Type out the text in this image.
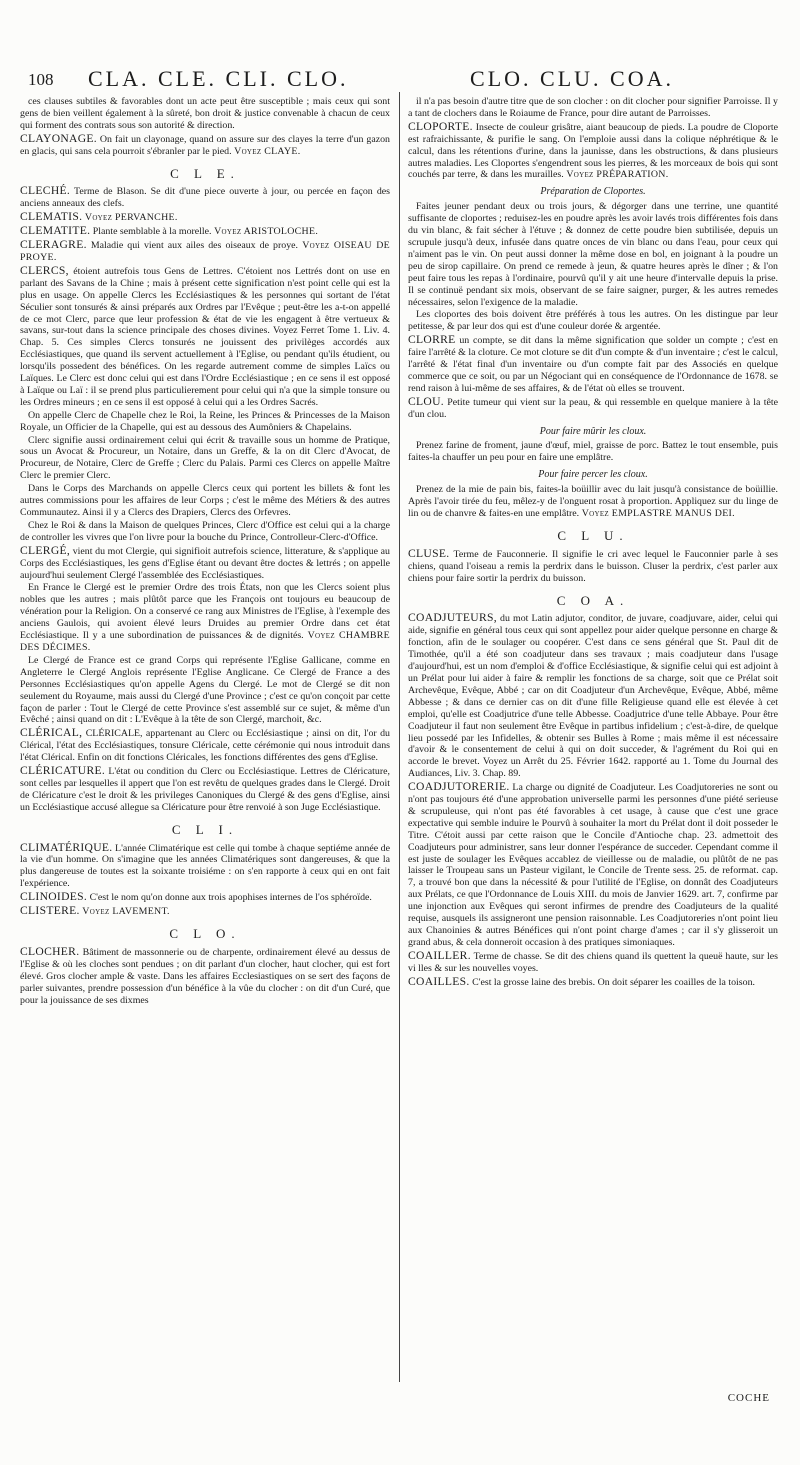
108 CLA. CLE. CLI. CLO.	CLO. CLU. COA.

ces clauses subtiles & favorables dont un acte peut être susceptible ; mais ceux qui sont gens de bien veillent également à la sûreté, bon droit & justice convenable à chacun de ceux qui forment des contrats sous son autorité & direction.

CLAYONAGE. On fait un clayonage, quand on assure sur des clayes la terre d'un gazon en glacis, qui sans cela pourroit s'ébranler par le pied. Voyez CLAYE.

C L E.

CLECHÉ. Terme de Blason. Se dit d'une piece ouverte à jour, ou percée en façon des anciens anneaux des clefs.

CLEMATIS. Voyez PERVANCHE.

CLEMATITE. Plante semblable à la morelle. Voyez ARISTOLOCHE.

CLERAGRE. Maladie qui vient aux ailes des oiseaux de proye. Voyez OISEAU DE PROYE.

CLERCS, étoient autrefois tous Gens de Lettres. C'étoient nos Lettrés dont on use en parlant des Savans de la Chine ; mais à présent cette signification n'est point celle qui est la plus en usage. On appelle Clercs les Ecclésiastiques & les personnes qui sortant de l'état Séculier sont tonsurés & ainsi préparés aux Ordres par l'Evêque ; peut-être les a-t-on appellé de ce mot Clerc, parce que leur profession & état de vie les engagent à être vertueux & savans, sur-tout dans la science principale des choses divines. Voyez Ferret Tome 1. Liv. 4. Chap. 5. Ces simples Clercs tonsurés ne jouissent des privilèges accordés aux Ecclésiastiques, que quand ils servent actuellement à l'Eglise, ou pendant qu'ils étudient, ou lorsqu'ils possedent des bénéfices. On les regarde autrement comme de simples Laïcs ou Laïques. Le Clerc est donc celui qui est dans l'Ordre Ecclésiastique ; en ce sens il est opposé à Laïque ou Laï : il se prend plus particulierement pour celui qui n'a que la simple tonsure ou les Ordres mineurs ; en ce sens il est opposé à celui qui a les Ordres Sacrés.

On appelle Clerc de Chapelle chez le Roi, la Reine, les Princes & Princesses de la Maison Royale, un Officier de la Chapelle, qui est au dessous des Aumôniers & Chapelains.

Clerc signifie aussi ordinairement celui qui écrit & travaille sous un homme de Pratique, sous un Avocat & Procureur, un Notaire, dans un Greffe, & la on dit Clerc d'Avocat, de Procureur, de Notaire, Clerc de Greffe ; Clerc du Palais. Parmi ces Clercs on appelle Maître Clerc le premier Clerc.

Dans le Corps des Marchands on appelle Clercs ceux qui portent les billets & font les autres commissions pour les affaires de leur Corps ; c'est le même des Métiers & des autres Communautez. Ainsi il y a Clercs des Drapiers, Clercs des Orfevres.

Chez le Roi & dans la Maison de quelques Princes, Clerc d'Office est celui qui a la charge de controller les vivres que l'on livre pour la bouche du Prince, Controlleur-Clerc-d'Office.

CLERGÉ, vient du mot Clergie, qui signifioit autrefois science, litterature, & s'applique au Corps des Ecclésiastiques, les gens d'Eglise étant ou devant être doctes & lettrés ; on appelle aujourd'hui seulement Clergé l'assemblée des Ecclésiastiques.

En France le Clergé est le premier Ordre des trois États, non que les Clercs soient plus nobles que les autres ; mais plûtôt parce que les François ont toujours eu beaucoup de vénération pour la Religion. On a conservé ce rang aux Ministres de l'Eglise, à l'exemple des anciens Gaulois, qui avoient élevé leurs Druides au premier Ordre dans cet état Ecclésiastique. Il y a une subordination de puissances & de dignités. Voyez CHAMBRE DES DÉCIMES.

Le Clergé de France est ce grand Corps qui représente l'Eglise Gallicane, comme en Angleterre le Clergé Anglois représente l'Eglise Anglicane. Ce Clergé de France a des Personnes Ecclésiastiques qu'on appelle Agens du Clergé. Le mot de Clergé se dit non seulement du Royaume, mais aussi du Clergé d'une Province ; c'est ce qu'on conçoit par cette façon de parler : Tout le Clergé de cette Province s'est assemblé sur ce sujet, & même d'un Evêché ; ainsi quand on dit : L'Evêque à la tête de son Clergé, marchoit, &c.

CLÉRICAL, CLÉRICALE, appartenant au Clerc ou Ecclésiastique ; ainsi on dit, l'or du Clérical, l'état des Ecclésiastiques, tonsure Cléricale, cette cérémonie qui nous introduit dans l'état Clérical. Enfin on dit fonctions Cléricales, les fonctions différentes des gens d'Eglise.

CLÉRICATURE. L'état ou condition du Clerc ou Ecclésiastique. Lettres de Cléricature, sont celles par lesquelles il appert que l'on est revêtu de quelques grades dans le Clergé. Droit de Cléricature c'est le droit & les privileges Canoniques du Clergé & des gens d'Eglise, ainsi un Ecclésiastique accusé allegue sa Cléricature pour être renvoié à son Juge Ecclésiastique.

C L I.

CLIMATÉRIQUE. L'année Climatérique est celle qui tombe à chaque septiéme année de la vie d'un homme. On s'imagine que les années Climatériques sont dangereuses, & que la plus dangereuse de toutes est la soixante troisiéme : on s'en rapporte à ceux qui en ont fait l'expérience.

CLINOIDES. C'est le nom qu'on donne aux trois apophises internes de l'os sphéroïde.

CLISTERE. Voyez LAVEMENT.

C L O.

CLOCHER. Bâtiment de massonnerie ou de charpente, ordinairement élevé au dessus de l'Eglise & où les cloches sont pendues ; on dit parlant d'un clocher, haut clocher, qui est fort élevé. Gros clocher ample & vaste. Dans les affaires Ecclesiastiques on se sert des façons de parler suivantes, prendre possession d'un bénéfice à la vûe du clocher : on dit d'un Curé, que pour la jouissance de ses dixmes

il n'a pas besoin d'autre titre que de son clocher : on dit clocher pour signifier Parroisse. Il y a tant de clochers dans le Roiaume de France, pour dire autant de Parroisses.

CLOPORTE. Insecte de couleur grisâtre, aiant beaucoup de pieds. La poudre de Cloporte est rafraichissante, & purifie le sang. On l'emploie aussi dans la colique néphrétique & le calcul, dans les rétentions d'urine, dans la jaunisse, dans les obstructions, & dans plusieurs autres maladies. Les Cloportes s'engendrent sous les pierres, & les morceaux de bois qui sont couchés par terre, & dans les murailles. Voyez PRÉPARATION.

Préparation de Cloportes.

Faites jeuner pendant deux ou trois jours, & dégorger dans une terrine, une quantité suffisante de cloportes ; reduisez-les en poudre après les avoir lavés trois différentes fois dans du vin blanc, & fait sécher à l'étuve ; & donnez de cette poudre bien subtilisée, depuis un scrupule jusqu'à deux, infusée dans quatre onces de vin blanc ou dans l'eau, pour ceux qui n'aiment pas le vin. On peut aussi donner la même dose en bol, en joignant à la poudre un peu de sirop capillaire. On prend ce remede à jeun, & quatre heures après le dîner ; & l'on peut faire tous les repas à l'ordinaire, pourvû qu'il y ait une heure d'intervalle depuis la prise. Il se continuë pendant six mois, observant de se faire saigner, purger, & les autres remedes nécessaires, selon l'exigence de la maladie.

Les cloportes des bois doivent être préférés à tous les autres. On les distingue par leur petitesse, & par leur dos qui est d'une couleur dorée & argentée.

CLORRE un compte, se dit dans la même signification que solder un compte ; c'est en faire l'arrêté & la cloture. Ce mot cloture se dit d'un compte & d'un inventaire ; c'est le calcul, l'arrêté & l'état final d'un inventaire ou d'un compte fait par des Associés en quelque commerce que ce soit, ou par un Négociant qui en conséquence de l'Ordonnance de 1678. se rend raison à lui-même de ses affaires, & de l'état où elles se trouvent.

CLOU. Petite tumeur qui vient sur la peau, & qui ressemble en quelque maniere à la tête d'un clou.

Pour faire mûrir les cloux.

Prenez farine de froment, jaune d'œuf, miel, graisse de porc. Battez le tout ensemble, puis faites-la chauffer un peu pour en faire une emplâtre.

Pour faire percer les cloux.

Prenez de la mie de pain bis, faites-la boüillir avec du lait jusqu'à consistance de boüillie. Après l'avoir tirée du feu, mêlez-y de l'onguent rosat à proportion. Appliquez sur du linge de lin ou de chanvre & faites-en une emplâtre. Voyez EMPLASTRE MANUS DEI.

C L U.

CLUSE. Terme de Fauconnerie. Il signifie le cri avec lequel le Fauconnier parle à ses chiens, quand l'oiseau a remis la perdrix dans le buisson. Cluser la perdrix, c'est parler aux chiens pour faire sortir la perdrix du buisson.

C O A.

COADJUTEURS, du mot Latin adjutor, conditor, de juvare, coadjuvare, aider, celui qui aide, signifie en général tous ceux qui sont appellez pour aider quelque personne en charge & fonction, afin de le soulager ou coopérer. C'est dans ce sens général que St. Paul dit de Timothée, qu'il a été son coadjuteur dans ses travaux ; mais coadjuteur dans l'usage d'aujourd'hui, est un nom d'emploi & d'office Ecclésiastique, & signifie celui qui est adjoint à un Prélat pour lui aider à faire & remplir les fonctions de sa charge, soit que ce Prélat soit Archevêque, Evêque, Abbé ; car on dit Coadjuteur d'un Archevêque, Evêque, Abbé, même Abbesse ; & dans ce dernier cas on dit d'une fille Religieuse quand elle est élevée à cet emploi, qu'elle est Coadjutrice d'une telle Abbesse. Coadjutrice d'une telle Abbaye. Pour être Coadjuteur il faut non seulement être Evêque in partibus infidelium ; c'est-à-dire, de quelque lieu possedé par les Infidelles, & obtenir ses Bulles à Rome ; mais même il est nécessaire d'avoir & le consentement de celui à qui on doit succeder, & l'agrément du Roi qui en accorde le brevet. Voyez un Arrêt du 25. Février 1642. rapporté au 1. Tome du Journal des Audiances, Liv. 3. Chap. 89.

COADJUTORERIE. La charge ou dignité de Coadjuteur. Les Coadjutoreries ne sont ou n'ont pas toujours été d'une approbation universelle parmi les personnes d'une piété serieuse & scrupuleuse, qui n'ont pas été favorables à cet usage, à cause que c'est une grace expectative qui semble induire le Pourvû à souhaiter la mort du Prélat dont il doit posseder le Titre. C'étoit aussi par cette raison que le Concile d'Antioche chap. 23. admettoit des Coadjuteurs pour administrer, sans leur donner l'espérance de succeder. Cependant comme il est juste de soulager les Evêques accablez de vieillesse ou de maladie, ou plûtôt de ne pas laisser le Troupeau sans un Pasteur vigilant, le Concile de Trente sess. 25. de reformat. cap. 7, a trouvé bon que dans la nécessité & pour l'utilité de l'Eglise, on donnât des Coadjuteurs aux Prélats, ce que l'Ordonnance de Louis XIII. du mois de Janvier 1629. art. 7, confirme par une injonction aux Evêques qui seront infirmes de prendre des Coadjuteurs de la qualité requise, ausquels ils assigneront une pension raisonnable. Les Coadjutoreries n'ont point lieu aux Chanoinies & autres Bénéfices qui n'ont point charge d'ames ; car il s'y glisseroit un grand abus, & cela donneroit occasion à des pratiques simoniaques.

COAILLER. Terme de chasse. Se dit des chiens quand ils quettent la queuë haute, sur les vi lles & sur les nouvelles voyes.

COAILLES. C'est la grosse laine des brebis. On doit séparer les coailles de la toison.

COCHE
